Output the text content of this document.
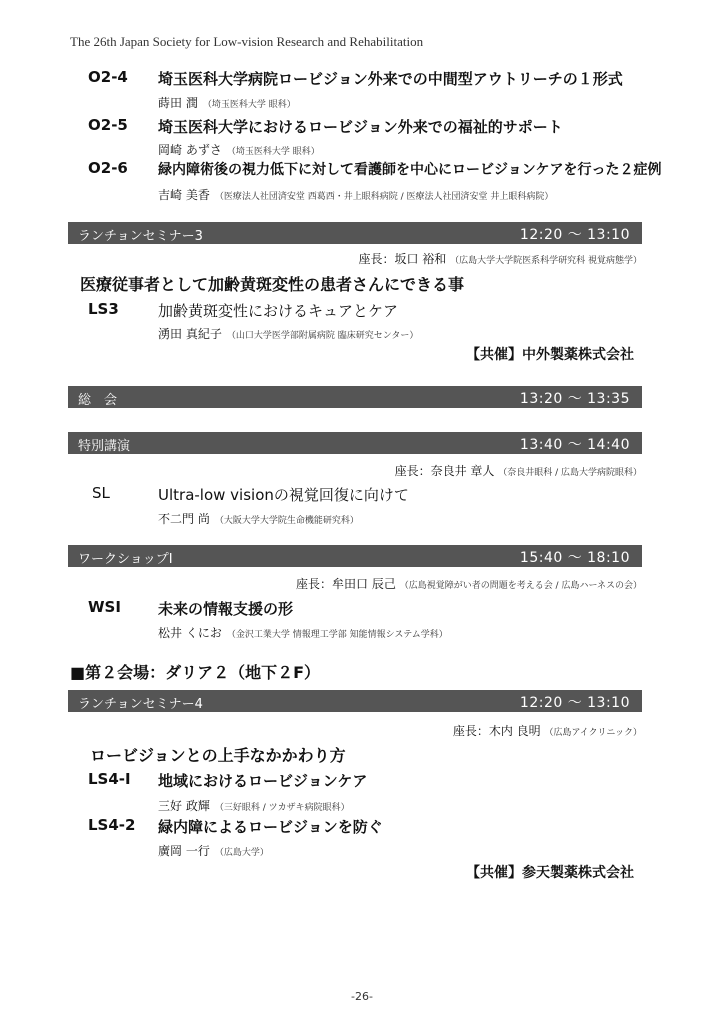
The 26th Japan Society for Low-vision Research and Rehabilitation
O2-4 埼玉医科大学病院ロービジョン外来での中間型アウトリーチの１形式
蒔田 潤 （埼玉医科大学 眼科）
O2-5 埼玉医科大学におけるロービジョン外来での福祉的サポート
岡崎 あずさ （埼玉医科大学 眼科）
O2-6 緑内障術後の視力低下に対して看護師を中心にロービジョンケアを行った２症例
吉崎 美香 （医療法人社団済安堂 西葛西・井上眼科病院 / 医療法人社団済安堂 井上眼科病院）
ランチョンセミナー3	12:20 ～ 13:10
座長：坂口 裕和 （広島大学大学院医系科学研究科 視覚病態学）
医療従事者として加齢黄斑変性の患者さんにできる事
LS3	加齢黄斑変性におけるキュアとケア
湧田 真紀子 （山口大学医学部附属病院 臨床研究センター）
【共催】中外製薬株式会社
総　会	13:20 ～ 13:35
特別講演	13:40 ～ 14:40
座長：奈良井 章人 （奈良井眼科 / 広島大学病院眼科）
SL	Ultra-low visionの視覚回復に向けて
不二門 尚 （大阪大学大学院生命機能研究科）
ワークショップⅠ	15:40 ～ 18:10
座長：牟田口 辰己 （広島視覚障がい者の問題を考える会 / 広島ハーネスの会）
WSⅠ 未来の情報支援の形
松井 くにお （金沢工業大学 情報理工学部 知能情報システム学科）
■第２会場：ダリア２（地下２F）
ランチョンセミナー4	12:20 ～ 13:10
座長：木内 良明 （広島アイクリニック）
ロービジョンとの上手なかかわり方
LS4-Ⅰ 地域におけるロービジョンケア
三好 政輝 （三好眼科 / ツカザキ病院眼科）
LS4-2 緑内障によるロービジョンを防ぐ
廣岡 一行 （広島大学）
【共催】参天製薬株式会社
-26-
